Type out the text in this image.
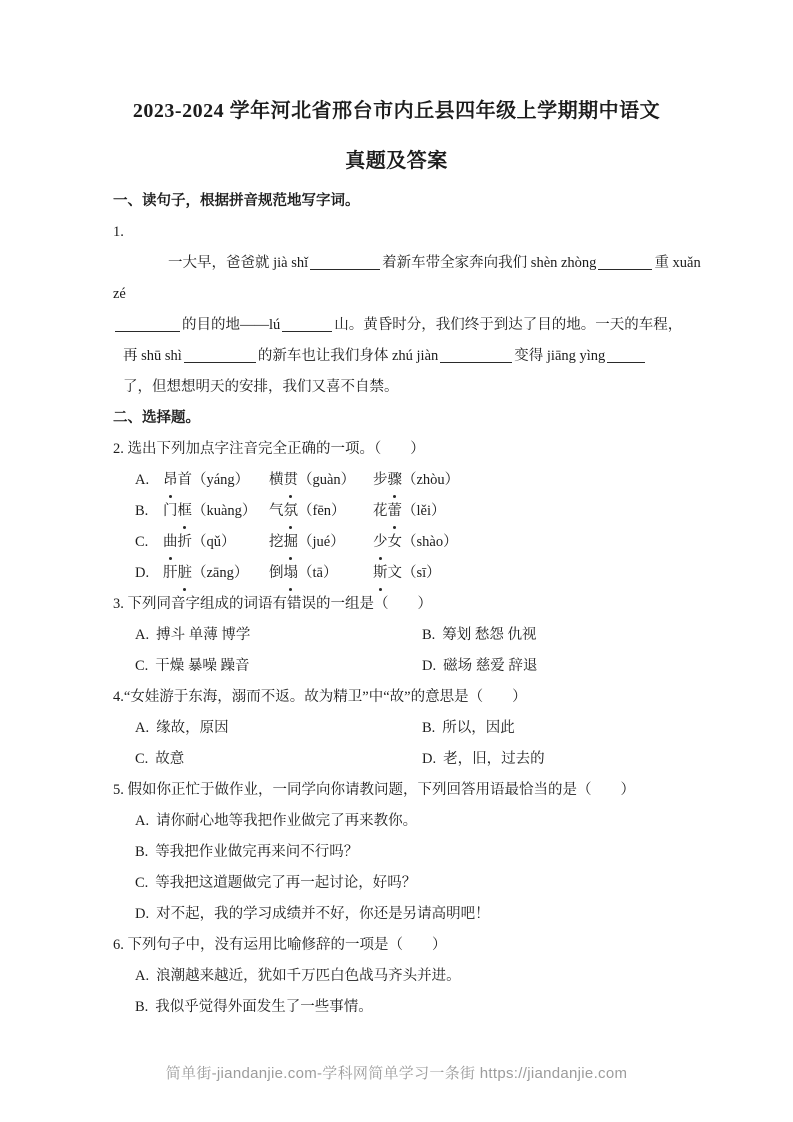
2023-2024 学年河北省邢台市内丘县四年级上学期期中语文
真题及答案
一、读句子，根据拼音规范地写字词。
1.
一大早，爸爸就 jià shǐ	着新车带全家奔向我们 shèn zhòng	重 xuǎn
zé
的目的地——lú	山。黄昏时分，我们终于到达了目的地。一天的车程，
再 shū shì	的新车也让我们身体 zhú jiàn	变得 jiāng yìng
了，但想想明天的安排，我们又喜不自禁。
二、选择题。
2. 选出下列加点字注音完全正确的一项。（　　）
A. 昂首（yáng）	横贯（guàn）	步骤（zhòu）
B.	门框（kuàng） 气氛（fēn）	花蕾（lěi）
C.	曲折（qǔ）	挖掘（jué）	少女（shào）
D. 肝脏（zāng）	倒塌（tā）	斯文（sī）
3. 下列同音字组成的词语有错误的一组是（　　）
A. 搏斗 单薄 博学	B. 筹划 愁怨 仇视
C. 干燥 暴噪 躁音	D. 磁场 慈爱 辞退
4.“女娃游于东海，溺而不返。故为精卫”中“故”的意思是（　　）
A. 缘故，原因	B. 所以，因此
C. 故意	D. 老，旧，过去的
5. 假如你正忙于做作业，一同学向你请教问题，下列回答用语最恰当的是（　　）
A. 请你耐心地等我把作业做完了再来教你。
B. 等我把作业做完再来问不行吗？
C. 等我把这道题做完了再一起讨论，好吗？
D. 对不起，我的学习成绩并不好，你还是另请高明吧！
6. 下列句子中，没有运用比喻修辞的一项是（　　）
A. 浪潮越来越近，犹如千万匹白色战马齐头并进。
B. 我似乎觉得外面发生了一些事情。
简单街-jiandanjie.com-学科网简单学习一条街 https://jiandanjie.com
